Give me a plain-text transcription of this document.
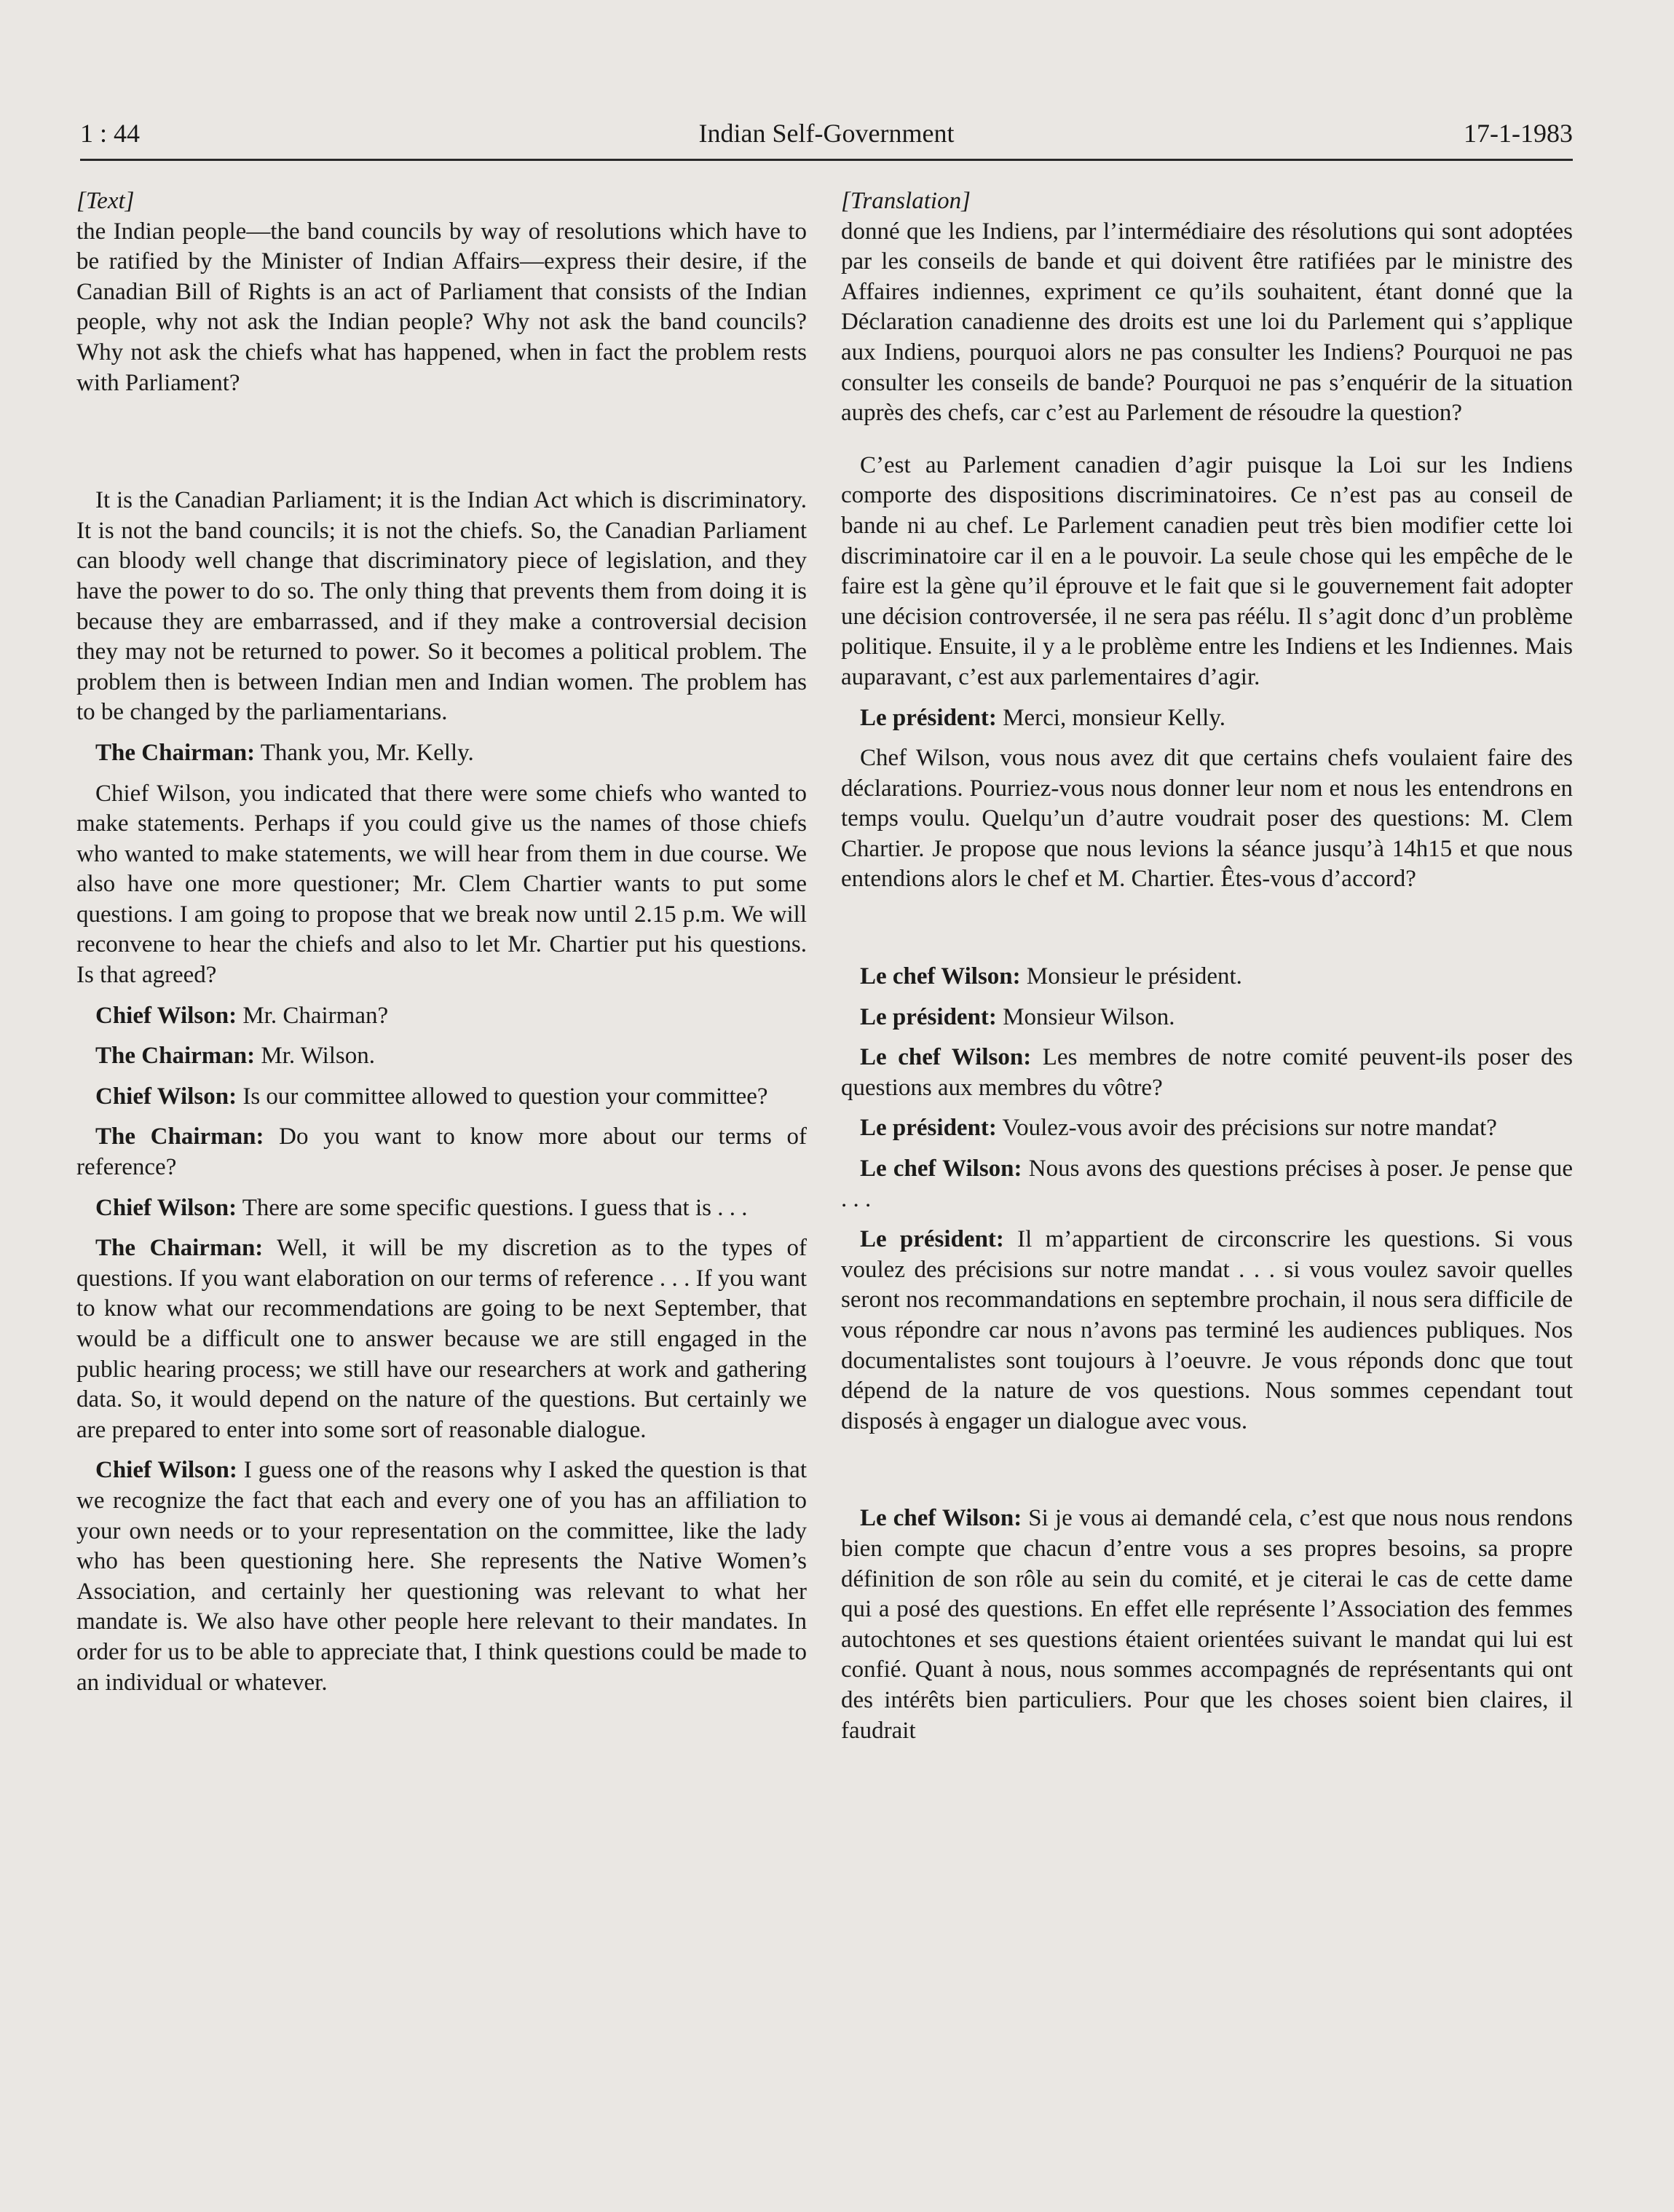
1 : 44	Indian Self-Government	17-1-1983
[Text]

the Indian people—the band councils by way of resolutions which have to be ratified by the Minister of Indian Affairs—express their desire, if the Canadian Bill of Rights is an act of Parliament that consists of the Indian people, why not ask the Indian people? Why not ask the band councils? Why not ask the chiefs what has happened, when in fact the problem rests with Parliament?

It is the Canadian Parliament; it is the Indian Act which is discriminatory. It is not the band councils; it is not the chiefs. So, the Canadian Parliament can bloody well change that discriminatory piece of legislation, and they have the power to do so. The only thing that prevents them from doing it is because they are embarrassed, and if they make a controversial decision they may not be returned to power. So it becomes a political problem. The problem then is between Indian men and Indian women. The problem has to be changed by the parliamentarians.

The Chairman: Thank you, Mr. Kelly.

Chief Wilson, you indicated that there were some chiefs who wanted to make statements. Perhaps if you could give us the names of those chiefs who wanted to make statements, we will hear from them in due course. We also have one more questioner; Mr. Clem Chartier wants to put some questions. I am going to propose that we break now until 2.15 p.m. We will reconvene to hear the chiefs and also to let Mr. Chartier put his questions. Is that agreed?

Chief Wilson: Mr. Chairman?

The Chairman: Mr. Wilson.

Chief Wilson: Is our committee allowed to question your committee?

The Chairman: Do you want to know more about our terms of reference?

Chief Wilson: There are some specific questions. I guess that is . . .

The Chairman: Well, it will be my discretion as to the types of questions. If you want elaboration on our terms of reference . . . If you want to know what our recommendations are going to be next September, that would be a difficult one to answer because we are still engaged in the public hearing process; we still have our researchers at work and gathering data. So, it would depend on the nature of the questions. But certainly we are prepared to enter into some sort of reasonable dialogue.

Chief Wilson: I guess one of the reasons why I asked the question is that we recognize the fact that each and every one of you has an affiliation to your own needs or to your representation on the committee, like the lady who has been questioning here. She represents the Native Women’s Association, and certainly her questioning was relevant to what her mandate is. We also have other people here relevant to their mandates. In order for us to be able to appreciate that, I think questions could be made to an individual or whatever.

[Translation]

donné que les Indiens, par l’intermédiaire des résolutions qui sont adoptées par les conseils de bande et qui doivent être ratifiées par le ministre des Affaires indiennes, expriment ce qu’ils souhaitent, étant donné que la Déclaration canadienne des droits est une loi du Parlement qui s’applique aux Indiens, pourquoi alors ne pas consulter les Indiens? Pourquoi ne pas consulter les conseils de bande? Pourquoi ne pas s’enquérir de la situation auprès des chefs, car c’est au Parlement de résoudre la question?

C’est au Parlement canadien d’agir puisque la Loi sur les Indiens comporte des dispositions discriminatoires. Ce n’est pas au conseil de bande ni au chef. Le Parlement canadien peut très bien modifier cette loi discriminatoire car il en a le pouvoir. La seule chose qui les empêche de le faire est la gène qu’il éprouve et le fait que si le gouvernement fait adopter une décision controversée, il ne sera pas réélu. Il s’agit donc d’un problème politique. Ensuite, il y a le problème entre les Indiens et les Indiennes. Mais auparavant, c’est aux parlementaires d’agir.

Le président: Merci, monsieur Kelly.

Chef Wilson, vous nous avez dit que certains chefs voulaient faire des déclarations. Pourriez-vous nous donner leur nom et nous les entendrons en temps voulu. Quelqu’un d’autre voudrait poser des questions: M. Clem Chartier. Je propose que nous levions la séance jusqu’à 14h15 et que nous entendions alors le chef et M. Chartier. Êtes-vous d’accord?

Le chef Wilson: Monsieur le président.

Le président: Monsieur Wilson.

Le chef Wilson: Les membres de notre comité peuvent-ils poser des questions aux membres du vôtre?

Le président: Voulez-vous avoir des précisions sur notre mandat?

Le chef Wilson: Nous avons des questions précises à poser. Je pense que . . .

Le président: Il m’appartient de circonscrire les questions. Si vous voulez des précisions sur notre mandat . . . si vous voulez savoir quelles seront nos recommandations en septembre prochain, il nous sera difficile de vous répondre car nous n’avons pas terminé les audiences publiques. Nos documentalistes sont toujours à l’oeuvre. Je vous réponds donc que tout dépend de la nature de vos questions. Nous sommes cependant tout disposés à engager un dialogue avec vous.

Le chef Wilson: Si je vous ai demandé cela, c’est que nous nous rendons bien compte que chacun d’entre vous a ses propres besoins, sa propre définition de son rôle au sein du comité, et je citerai le cas de cette dame qui a posé des questions. En effet elle représente l’Association des femmes autochtones et ses questions étaient orientées suivant le mandat qui lui est confié. Quant à nous, nous sommes accompagnés de représentants qui ont des intérêts bien particuliers. Pour que les choses soient bien claires, il faudrait
